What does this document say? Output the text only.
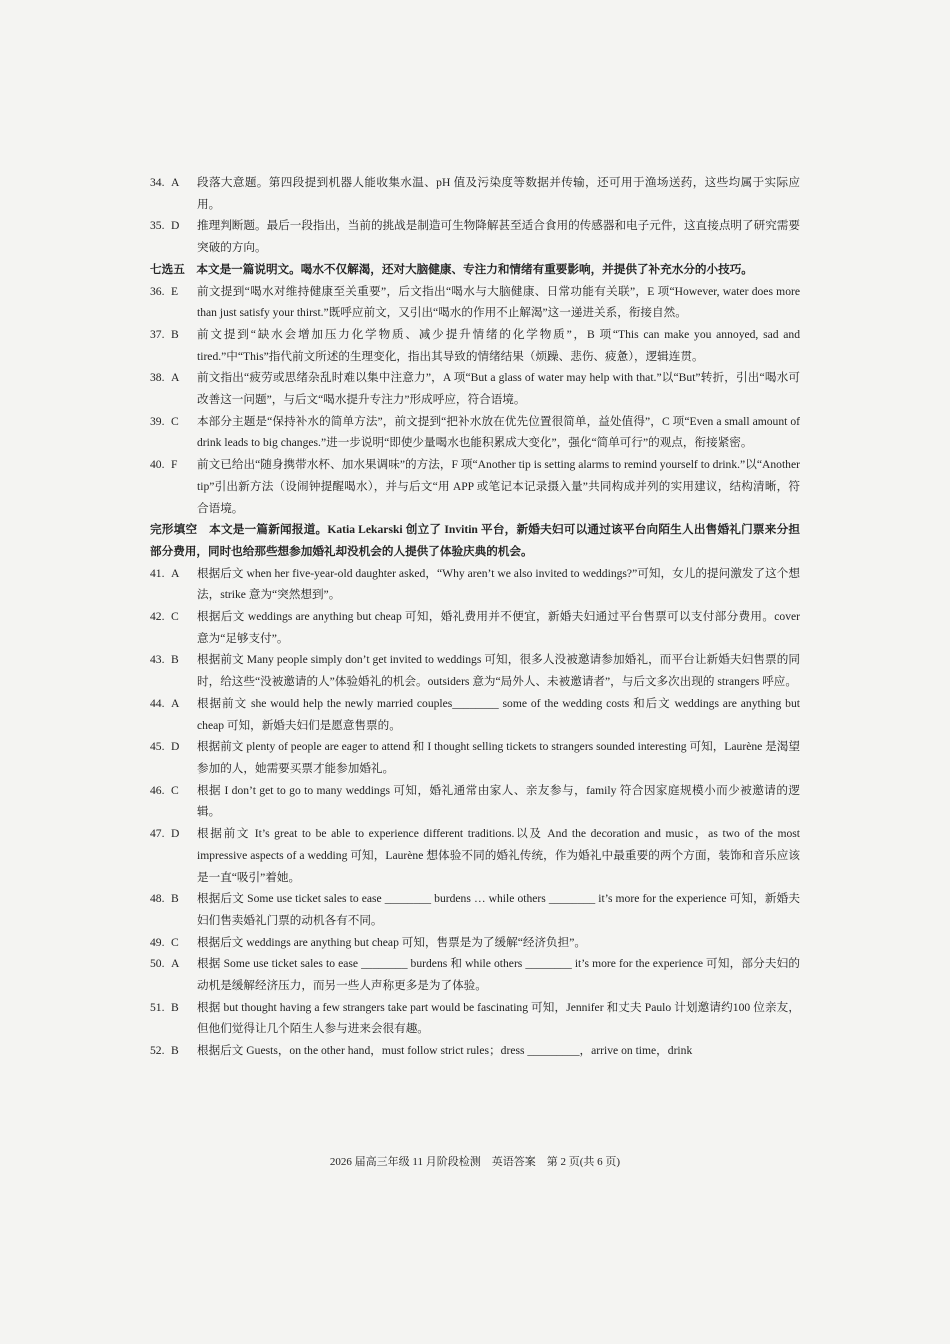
34. A	段落大意题。第四段提到机器人能收集水温、pH 值及污染度等数据并传输，还可用于渔场送药，这些均属于实际应用。
35. D	推理判断题。最后一段指出，当前的挑战是制造可生物降解甚至适合食用的传感器和电子元件，这直接点明了研究需要突破的方向。
七选五　本文是一篇说明文。喝水不仅解渴，还对大脑健康、专注力和情绪有重要影响，并提供了补充水分的小技巧。
36. E	前文提到“喝水对维持健康至关重要”，后文指出“喝水与大脑健康、日常功能有关联”，E 项“However, water does more than just satisfy your thirst.”既呼应前文，又引出“喝水的作用不止解渴”这一递进关系，衔接自然。
37. B	前文提到“缺水会增加压力化学物质、减少提升情绪的化学物质”，B 项“This can make you annoyed, sad and tired.”中“This”指代前文所述的生理变化，指出其导致的情绪结果（烦躁、悲伤、疲惫），逻辑连贯。
38. A	前文指出“疲劳或思绪杂乱时难以集中注意力”，A 项“But a glass of water may help with that.”以“But”转折，引出“喝水可改善这一问题”，与后文“喝水提升专注力”形成呼应，符合语境。
39. C	本部分主题是“保持补水的简单方法”，前文提到“把补水放在优先位置很简单，益处值得”，C 项“Even a small amount of drink leads to big changes.”进一步说明“即使少量喝水也能积累成大变化”，强化“简单可行”的观点，衔接紧密。
40. F	前文已给出“随身携带水杯、加水果调味”的方法，F 项“Another tip is setting alarms to remind yourself to drink.”以“Another tip”引出新方法（设闹钟提醒喝水），并与后文“用 APP 或笔记本记录摄入量”共同构成并列的实用建议，结构清晰，符合语境。
完形填空　本文是一篇新闻报道。Katia Lekarski 创立了 Invitin 平台，新婚夫妇可以通过该平台向陌生人出售婚礼门票来分担部分费用，同时也给那些想参加婚礼却没机会的人提供了体验庆典的机会。
41. A	根据后文 when her five-year-old daughter asked，“Why aren’t we also invited to weddings?”可知，女儿的提问激发了这个想法，strike 意为“突然想到”。
42. C	根据后文 weddings are anything but cheap 可知，婚礼费用并不便宜，新婚夫妇通过平台售票可以支付部分费用。cover 意为“足够支付”。
43. B	根据前文 Many people simply don’t get invited to weddings 可知，很多人没被邀请参加婚礼，而平台让新婚夫妇售票的同时，给这些“没被邀请的人”体验婚礼的机会。outsiders 意为“局外人、未被邀请者”，与后文多次出现的 strangers 呼应。
44. A	根据前文 she would help the newly married couples________ some of the wedding costs 和后文 weddings are anything but cheap 可知，新婚夫妇们是愿意售票的。
45. D	根据前文 plenty of people are eager to attend 和 I thought selling tickets to strangers sounded interesting 可知，Laurène 是渴望参加的人，她需要买票才能参加婚礼。
46. C	根据 I don’t get to go to many weddings 可知，婚礼通常由家人、亲友参与，family 符合因家庭规模小而少被邀请的逻辑。
47. D	根据前文 It’s great to be able to experience different traditions.以及 And the decoration and music，as two of the most impressive aspects of a wedding 可知，Laurène 想体验不同的婚礼传统，作为婚礼中最重要的两个方面，装饰和音乐应该是一直“吸引”着她。
48. B	根据后文 Some use ticket sales to ease ________ burdens … while others ________ it’s more for the experience 可知，新婚夫妇们售卖婚礼门票的动机各有不同。
49. C	根据后文 weddings are anything but cheap 可知，售票是为了缓解“经济负担”。
50. A	根据 Some use ticket sales to ease ________ burdens 和 while others ________ it’s more for the experience 可知，部分夫妇的动机是缓解经济压力，而另一些人声称更多是为了体验。
51. B	根据 but thought having a few strangers take part would be fascinating 可知，Jennifer 和丈夫 Paulo 计划邀请约100 位亲友，但他们觉得让几个陌生人参与进来会很有趣。
52. B	根据后文 Guests，on the other hand，must follow strict rules；dress _________，arrive on time，drink
2026 届高三年级 11 月阶段检测　英语答案　第 2 页(共 6 页)
